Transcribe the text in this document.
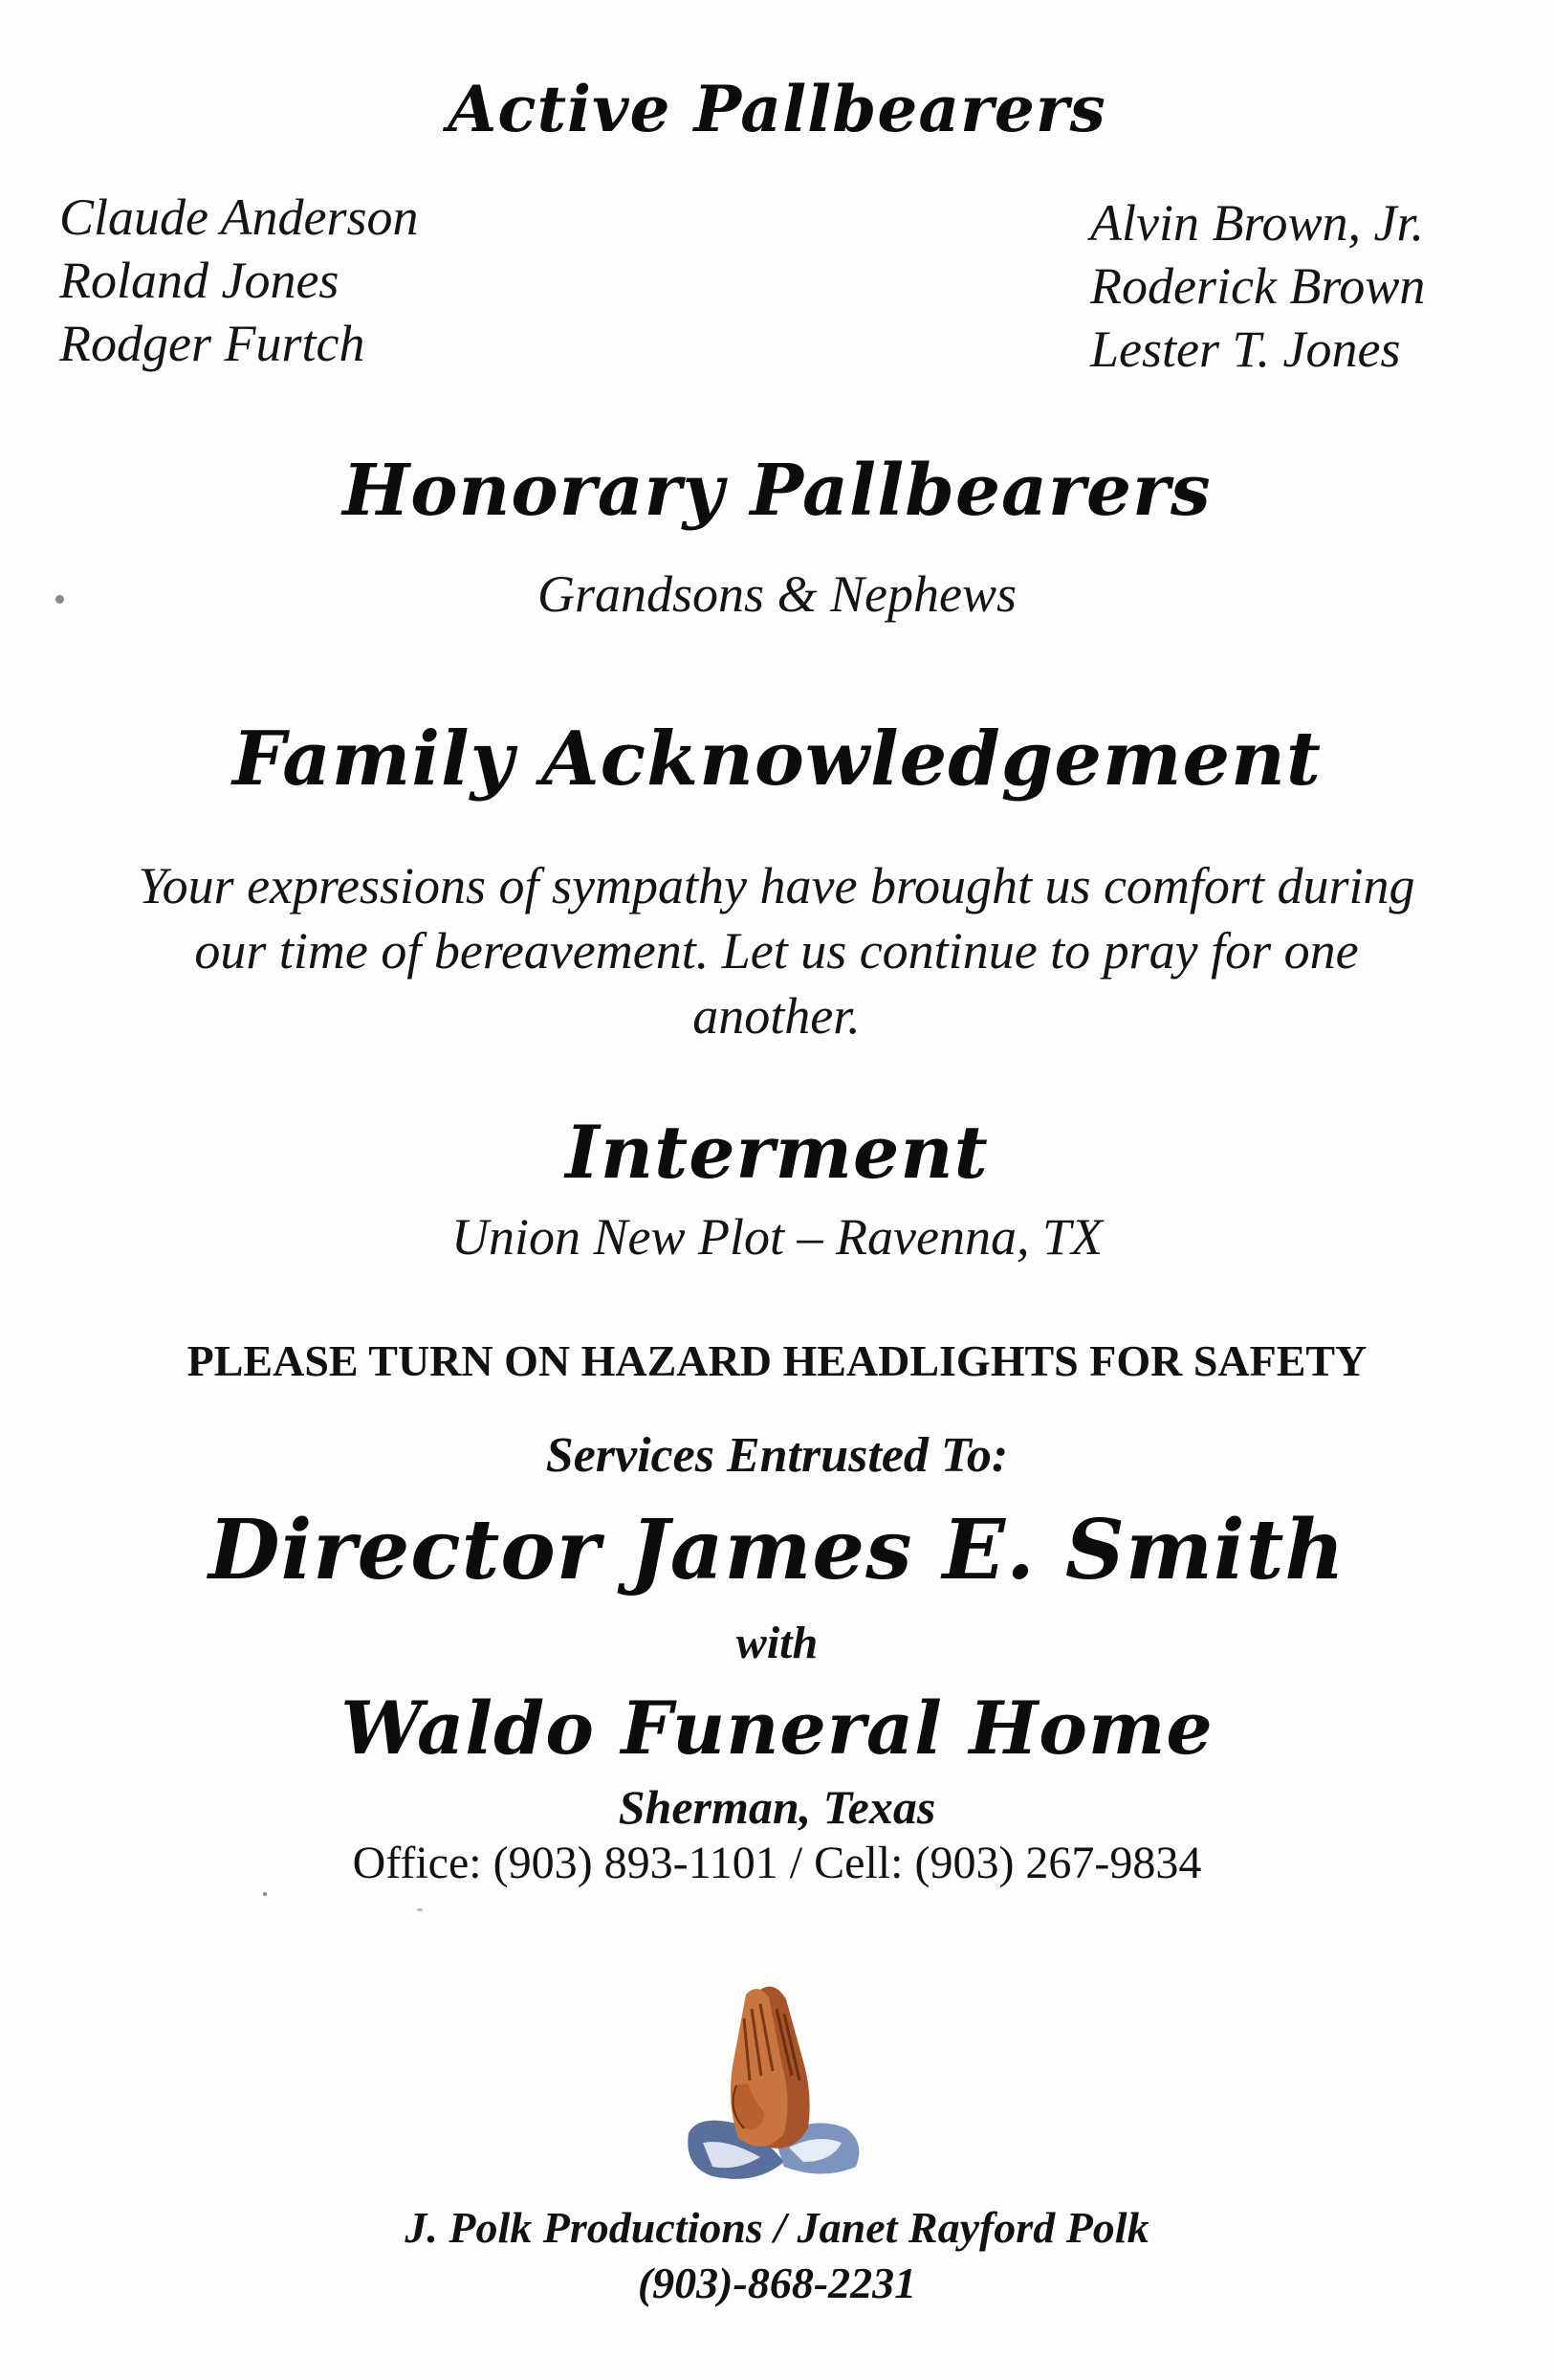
Active Pallbearers
Claude Anderson
Roland Jones
Rodger Furtch
Alvin Brown, Jr.
Roderick Brown
Lester T. Jones
Honorary Pallbearers
Grandsons & Nephews
Family Acknowledgement
Your expressions of sympathy have brought us comfort during
our time of bereavement. Let us continue to pray for one
another.
Interment
Union New Plot – Ravenna, TX
PLEASE TURN ON HAZARD HEADLIGHTS FOR SAFETY
Services Entrusted To:
Director James E. Smith
with
Waldo Funeral Home
Sherman, Texas
Office: (903) 893-1101 / Cell: (903) 267-9834
J. Polk Productions / Janet Rayford Polk
(903)-868-2231
